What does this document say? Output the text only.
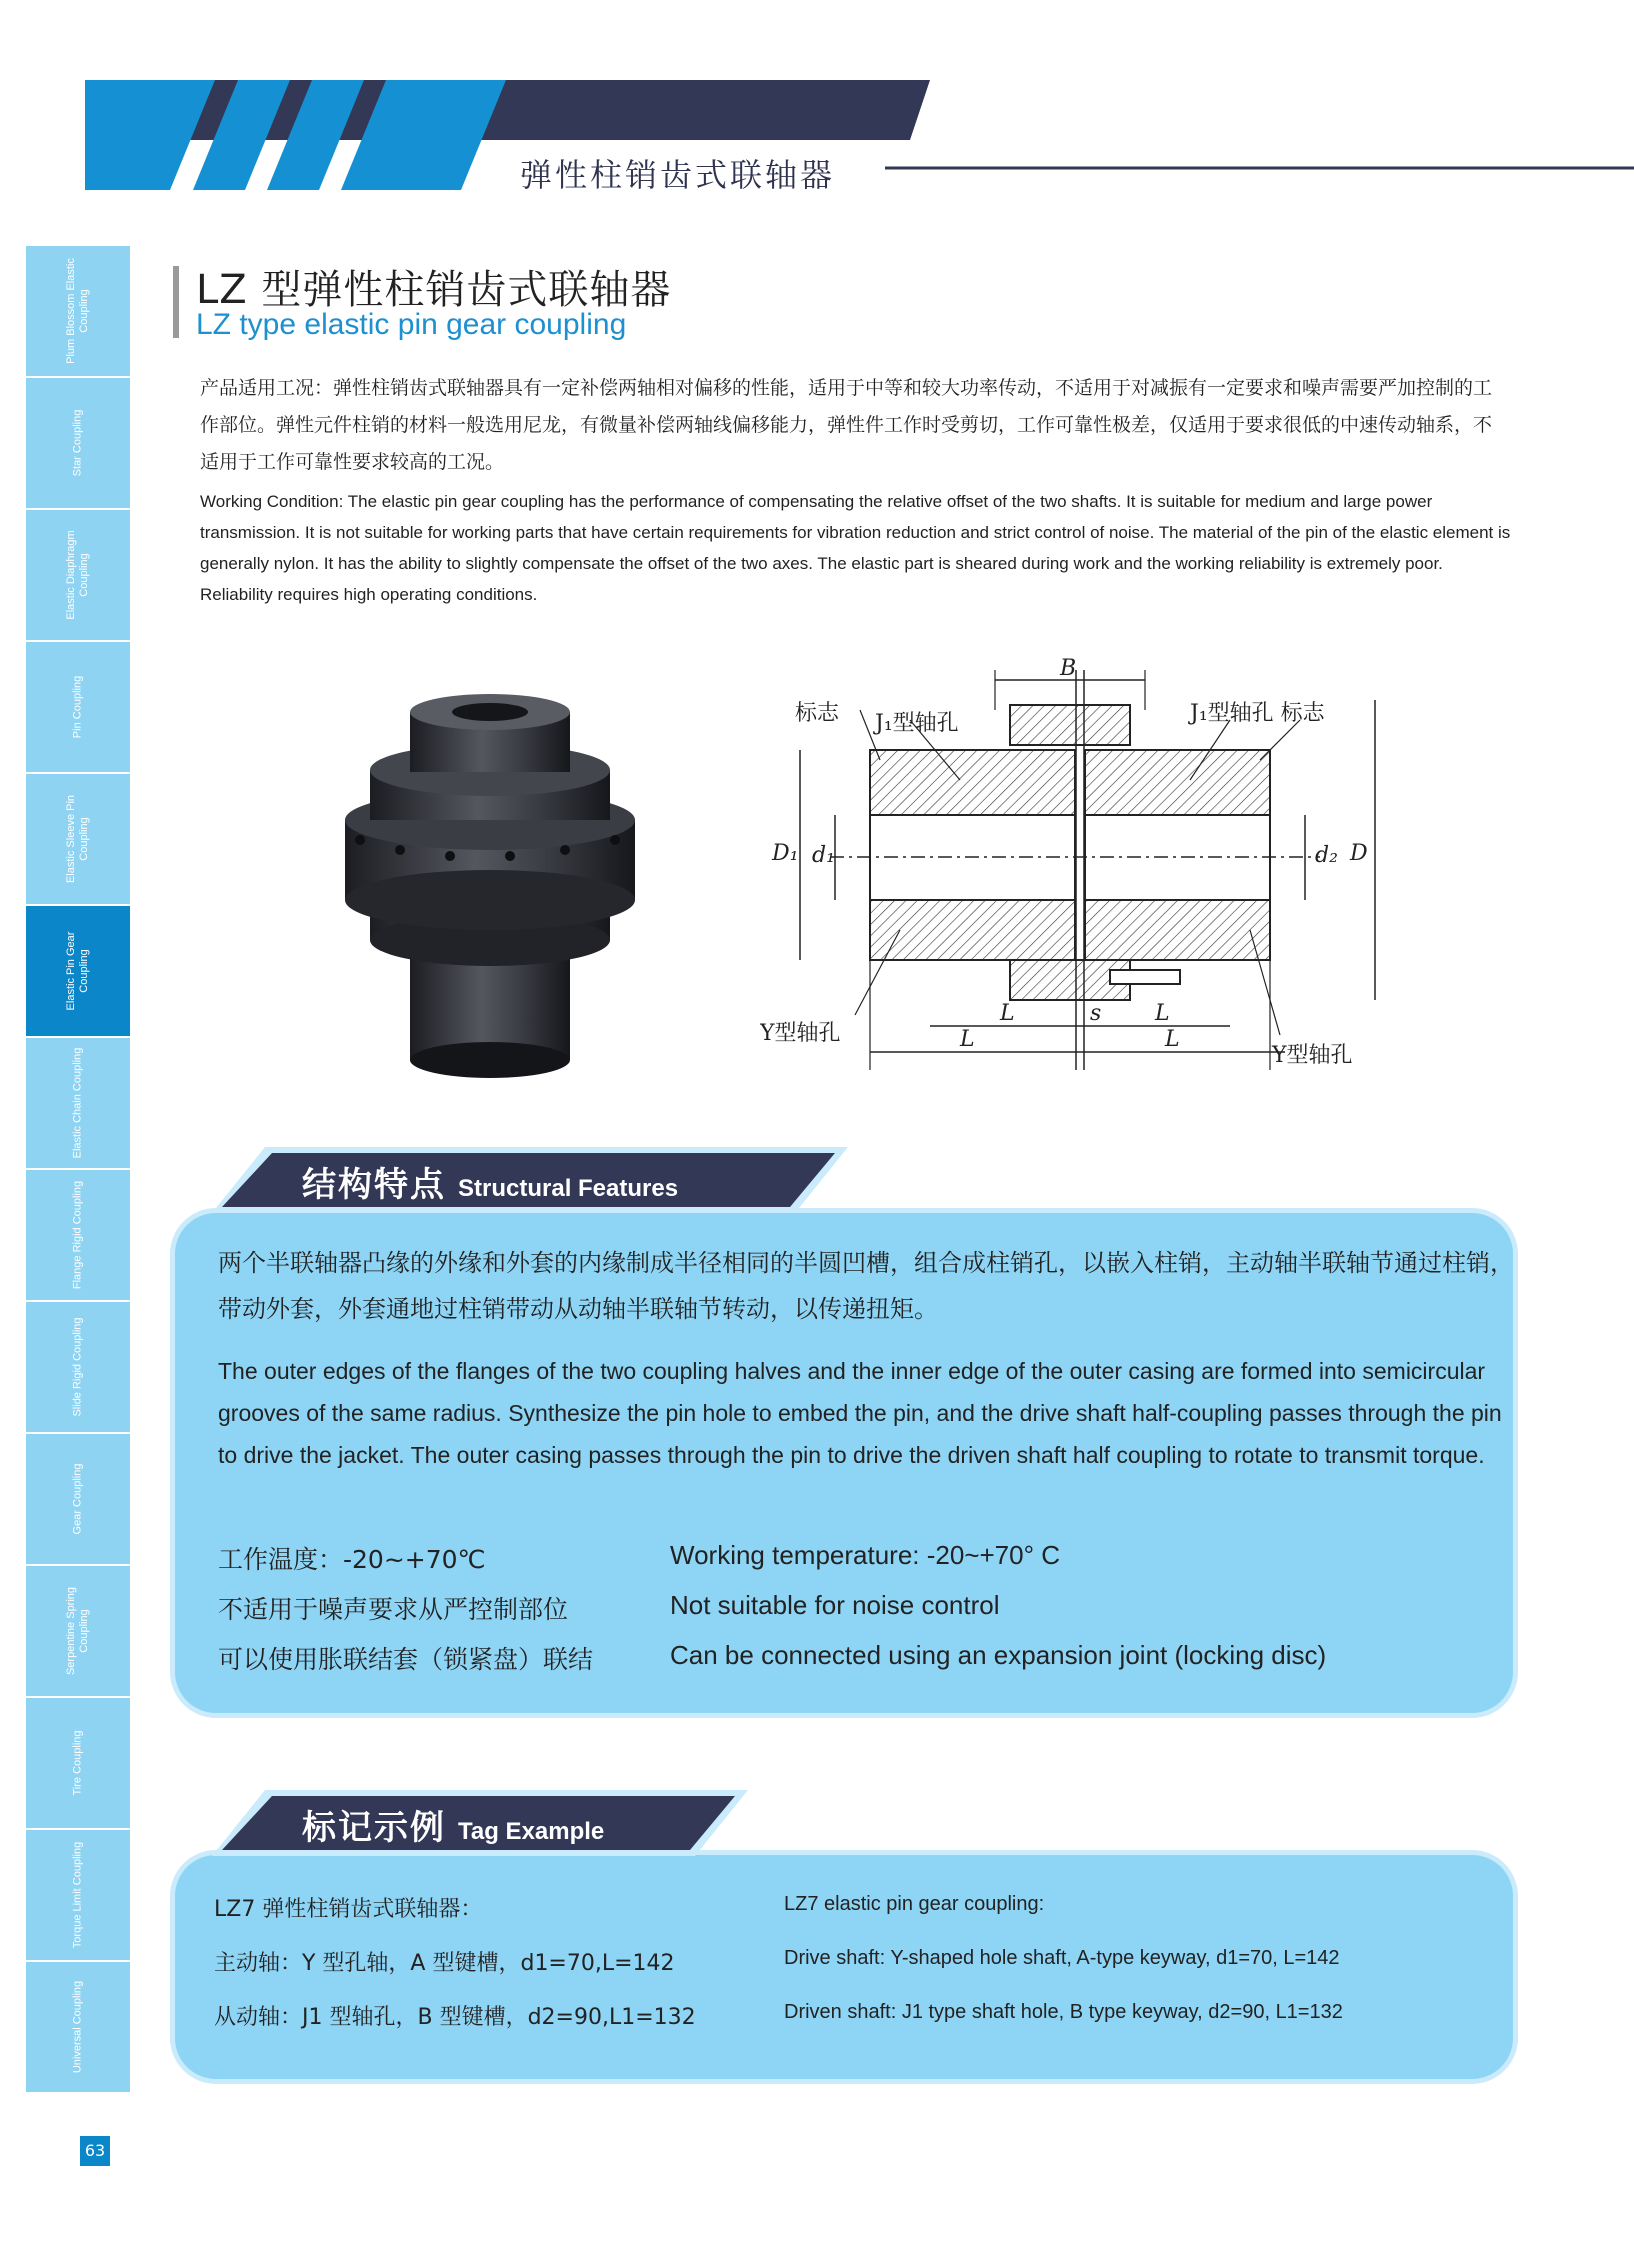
弹性柱销齿式联轴器
Plum Blossom Elastic Coupling
Star Coupling
Elastic Diaphragm Coupling
Pin Coupling
Elastic Sleeve Pin Coupling
Elastic Pin Gear Coupling
Elastic Chain Coupling
Flange Rigid Coupling
Slide Rigid Coupling
Gear Coupling
Serpentine Spring Coupling
Tire Coupling
Torque Limit Coupling
Universal Coupling
63
LZ 型弹性柱销齿式联轴器
LZ type elastic pin gear coupling
产品适用工况：弹性柱销齿式联轴器具有一定补偿两轴相对偏移的性能，适用于中等和较大功率传动，不适用于对减振有一定要求和噪声需要严加控制的工作部位。弹性元件柱销的材料一般选用尼龙，有微量补偿两轴线偏移能力，弹性件工作时受剪切，工作可靠性极差，仅适用于要求很低的中速传动轴系，不适用于工作可靠性要求较高的工况。
Working Condition: The elastic pin gear coupling has the performance of compensating the relative offset of the two shafts. It is suitable for medium and large power transmission. It is not suitable for working parts that have certain requirements for vibration reduction and strict control of noise. The material of the pin of the elastic element is generally nylon. It has the ability to slightly compensate the offset of the two axes. The elastic part is sheared during work and the working reliability is extremely poor. Reliability requires high operating conditions.
B
标志 J₁型轴孔	J₁型轴孔 标志
D₁ d₁	d₂ D
Y型轴孔
Y型轴孔
L	s L
L	L
结构特点 Structural Features
两个半联轴器凸缘的外缘和外套的内缘制成半径相同的半圆凹槽，组合成柱销孔，以嵌入柱销，主动轴半联轴节通过柱销，带动外套，外套通地过柱销带动从动轴半联轴节转动，以传递扭矩。
The outer edges of the flanges of the two coupling halves and the inner edge of the outer casing are formed into semicircular grooves of the same radius. Synthesize the pin hole to embed the pin, and the drive shaft half-coupling passes through the pin to drive the jacket. The outer casing passes through the pin to drive the driven shaft half coupling to rotate to transmit torque.
工作温度：-20~+70℃	Working temperature: -20~+70° C
不适用于噪声要求从严控制部位	Not suitable for noise control
可以使用胀联结套（锁紧盘）联结	Can be connected using an expansion joint (locking disc)
标记示例 Tag Example
LZ7 弹性柱销齿式联轴器：	LZ7 elastic pin gear coupling:
主动轴：Y 型孔轴，A 型键槽，d1=70,L=142	Drive shaft: Y-shaped hole shaft, A-type keyway, d1=70, L=142
从动轴：J1 型轴孔，B 型键槽，d2=90,L1=132	Driven shaft: J1 type shaft hole, B type keyway, d2=90, L1=132
